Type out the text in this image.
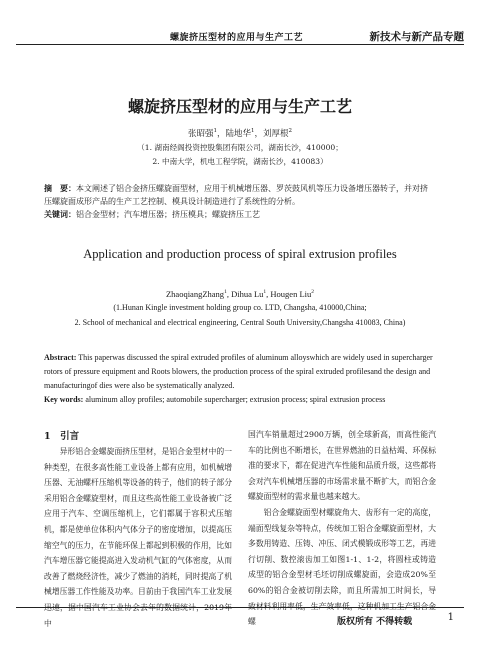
螺旋挤压型材的应用与生产工艺	新技术与新产品专题
螺旋挤压型材的应用与生产工艺
张昭强$^1$，陆地华$^1$，刘厚根$^2$
（1. 湖南经阁投资控股集团有限公司，湖南长沙，410000；
2. 中南大学，机电工程学院，湖南长沙，410083）
摘　要：本文阐述了铝合金挤压螺旋面型材，应用于机械增压器、罗茨鼓风机等压力设备增压器转子，并对挤压螺旋面成形产品的生产工艺控制、模具设计制造进行了系统性的分析。
关键词：铝合金型材；汽车增压器；挤压模具；螺旋挤压工艺
Application and production process of spiral extrusion profiles
ZhaoqiangZhang$^1$, Dihua Lu$^1$, Hougen Liu$^2$
(1.Hunan Kingle investment holding group co. LTD, Changsha, 410000,China;
2. School of mechanical and electrical engineering, Central South University,Changsha 410083, China)
Abstract: This paperwas discussed the spiral extruded profiles of aluminum alloyswhich are widely used in supercharger rotors of pressure equipment and Roots blowers, the production process of the spiral extruded profilesand the design and manufacturingof dies were also be systematically analyzed.
Key words: aluminum alloy profiles; automobile supercharger; extrusion process; spiral extrusion process
1　引言

异形铝合金螺旋面挤压型材，是铝合金型材中的一种类型，在很多高性能工业设备上都有应用，如机械增压器、无油螺杆压缩机等设备的转子，他们的转子部分采用铝合金螺旋型材，而且这些高性能工业设备被广泛应用于汽车、空调压缩机上，它们都属于容积式压缩机，都是使单位体积内气体分子的密度增加，以提高压缩空气的压力，在节能环保上都起到积极的作用，比如汽车增压器它能提高进入发动机气缸的气体密度，从而改善了燃烧经济性，减少了燃油的消耗，同时提高了机械增压器工作性能及功率。目前由于我国汽车工业发展迅速，据中国汽车工业协会去年的数据统计，2019年中

国汽车销量超过2900万辆，创全球新高，而高性能汽车的比例也不断增长，在世界燃油的日益枯竭、环保标准的要求下，都在促进汽车性能和品质升级，这些都将会对汽车机械增压器的市场需求量不断扩大，而铝合金螺旋面型材的需求量也越来越大。

铝合金螺旋面型材螺旋角大、齿形有一定的高度，端面型线复杂等特点，传统加工铝合金螺旋面型材，大多数用铸造、压铸、冲压、闭式模锻成形等工艺，再进行切削、数控滚齿加工如图1-1、1-2，将圆柱或铸造成型的铝合金型材毛坯切削成螺旋面，会造成20%至60%的铝合金被切削去除，而且所需加工时间长，导致材料利用率低，生产效率低，这种机加工生产铝合金螺	版权所有 不得转载	1
